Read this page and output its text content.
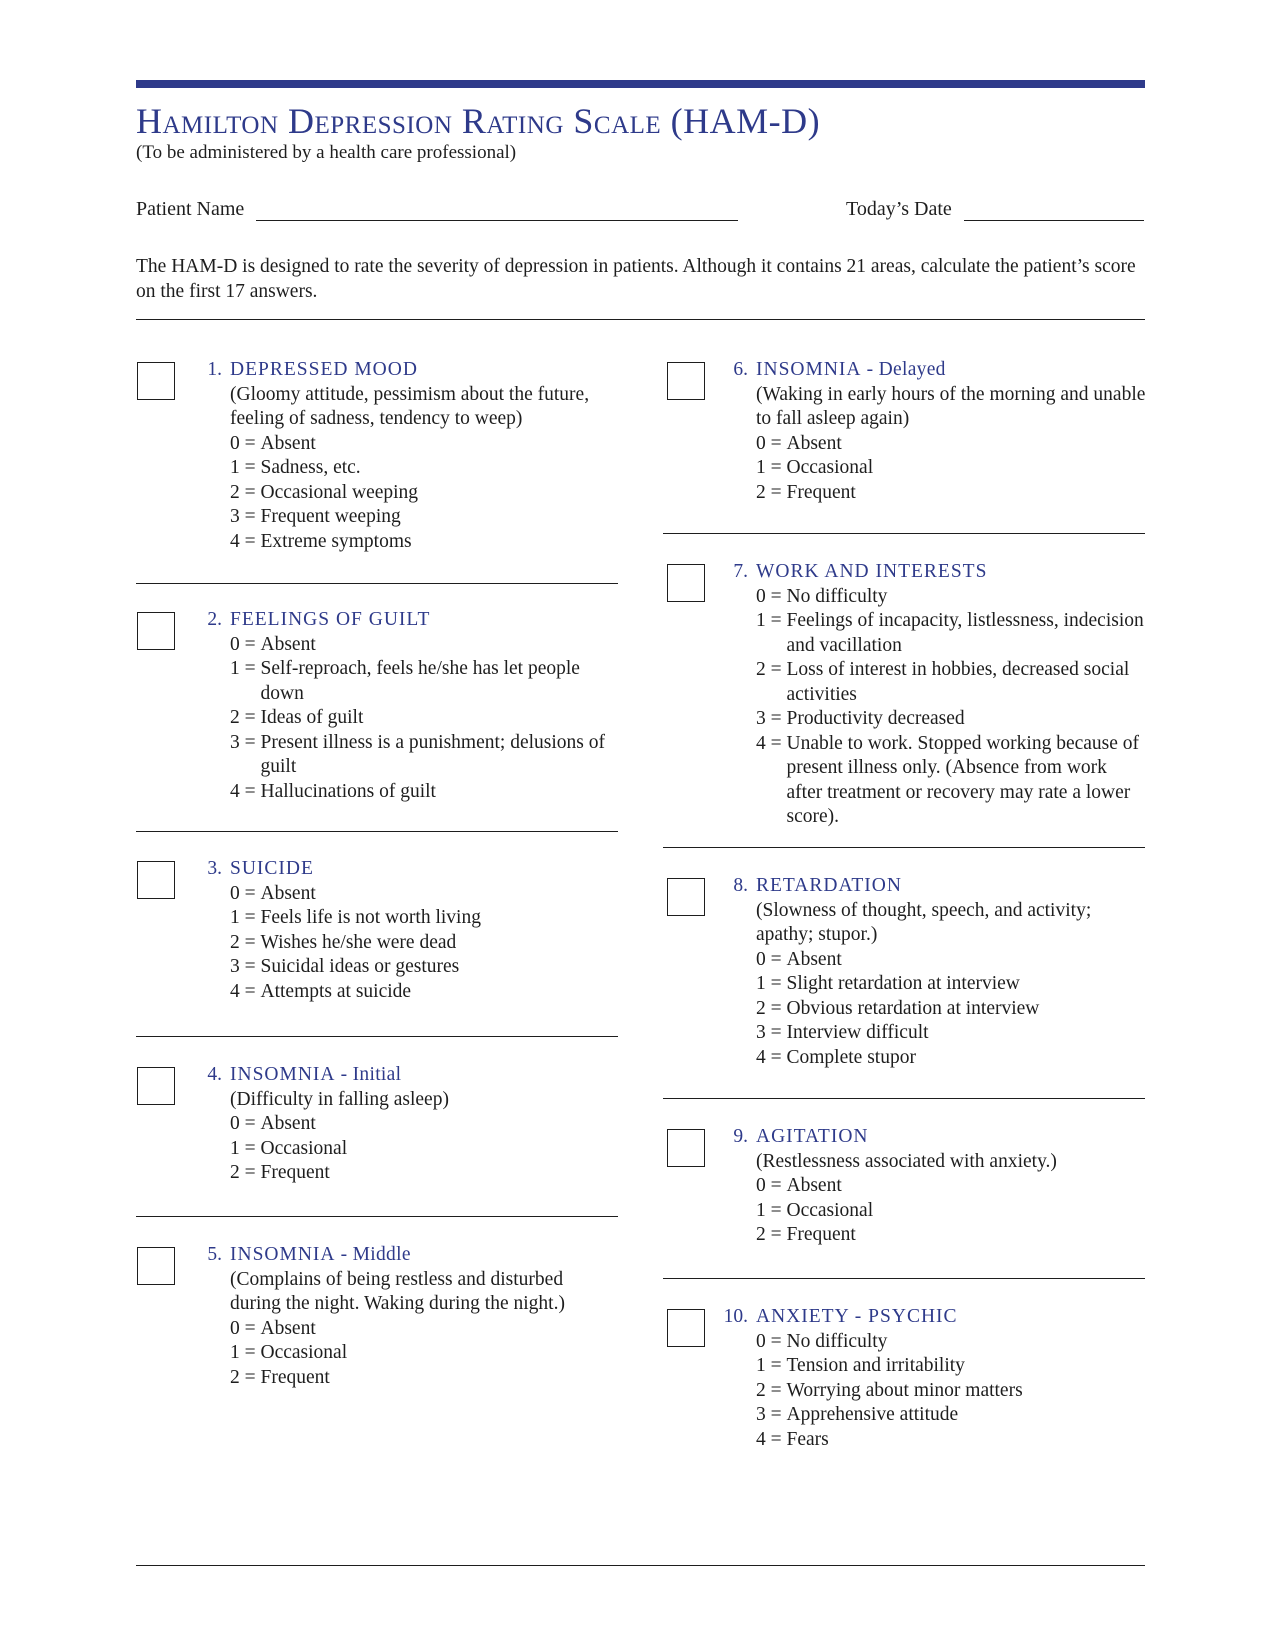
Hamilton Depression Rating Scale (HAM-D)
(To be administered by a health care professional)
Patient Name	Today’s Date
The HAM-D is designed to rate the severity of depression in patients. Although it contains 21 areas, calculate the patient’s score on the first 17 answers.
1. DEPRESSED MOOD

(Gloomy attitude, pessimism about the future, feeling of sadness, tendency to weep)

0 = Absent
1 = Sadness, etc.
2 = Occasional weeping
3 = Frequent weeping
4 = Extreme symptoms
2. FEELINGS OF GUILT
0 = Absent
1 = Self-reproach, feels he/she has let people down
2 = Ideas of guilt
3 = Present illness is a punishment; delusions of guilt
4 = Hallucinations of guilt
3. SUICIDE
0 = Absent
1 = Feels life is not worth living
2 = Wishes he/she were dead
3 = Suicidal ideas or gestures
4 = Attempts at suicide
4. INSOMNIA - Initial

(Difficulty in falling asleep)

0 = Absent
1 = Occasional
2 = Frequent
5. INSOMNIA - Middle

(Complains of being restless and disturbed during the night. Waking during the night.)

0 = Absent
1 = Occasional
2 = Frequent
6. INSOMNIA - Delayed

(Waking in early hours of the morning and unable to fall asleep again)

0 = Absent
1 = Occasional
2 = Frequent
7. WORK AND INTERESTS
0 = No difficulty
1 = Feelings of incapacity, listlessness, indecision and vacillation
2 = Loss of interest in hobbies, decreased social activities
3 = Productivity decreased
4 = Unable to work. Stopped working because of present illness only. (Absence from work after treatment or recovery may rate a lower score).
8. RETARDATION

(Slowness of thought, speech, and activity; apathy; stupor.)

0 = Absent
1 = Slight retardation at interview
2 = Obvious retardation at interview
3 = Interview difficult
4 = Complete stupor
9. AGITATION

(Restlessness associated with anxiety.)

0 = Absent
1 = Occasional
2 = Frequent
10. ANXIETY - PSYCHIC
0 = No difficulty
1 = Tension and irritability
2 = Worrying about minor matters
3 = Apprehensive attitude
4 = Fears
